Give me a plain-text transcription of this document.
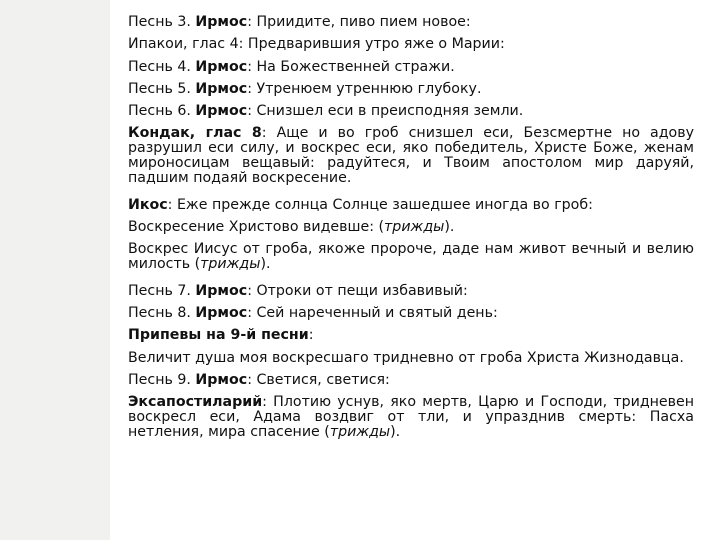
Песнь 3. Ирмос: Приидите, пиво пием новое:
Ипакои, глас 4: Предварившия утро яже о Марии:
Песнь 4. Ирмос: На Божественней стражи.
Песнь 5. Ирмос: Утренюем утреннюю глубоку.
Песнь 6. Ирмос: Снизшел еси в преисподняя земли.
Кондак, глас 8: Аще и во гроб снизшел еси, Безсмертне но адову
разрушил еси силу, и воскрес еси, яко победитель, Христе Боже, женам
мироносицам вещавый: радуйтеся, и Твоим апостолом мир даруяй,
падшим подаяй воскресение.
Икос: Еже прежде солнца Солнце зашедшее иногда во гроб:
Воскресение Христово видевше: (трижды).
Воскрес Иисус от гроба, якоже пророче, даде нам живот вечный и велию
милость (трижды).
Песнь 7. Ирмос: Отроки от пещи избавивый:
Песнь 8. Ирмос: Сей нареченный и святый день:
Припевы на 9-й песни:
Величит душа моя воскресшаго тридневно от гроба Христа Жизнодавца.
Песнь 9. Ирмос: Светися, светися:
Эксапостиларий: Плотию уснув, яко мертв, Царю и Господи, тридневен
воскресл еси, Адама воздвиг от тли, и упразднив смерть: Пасха
нетления, мира спасение (трижды).
